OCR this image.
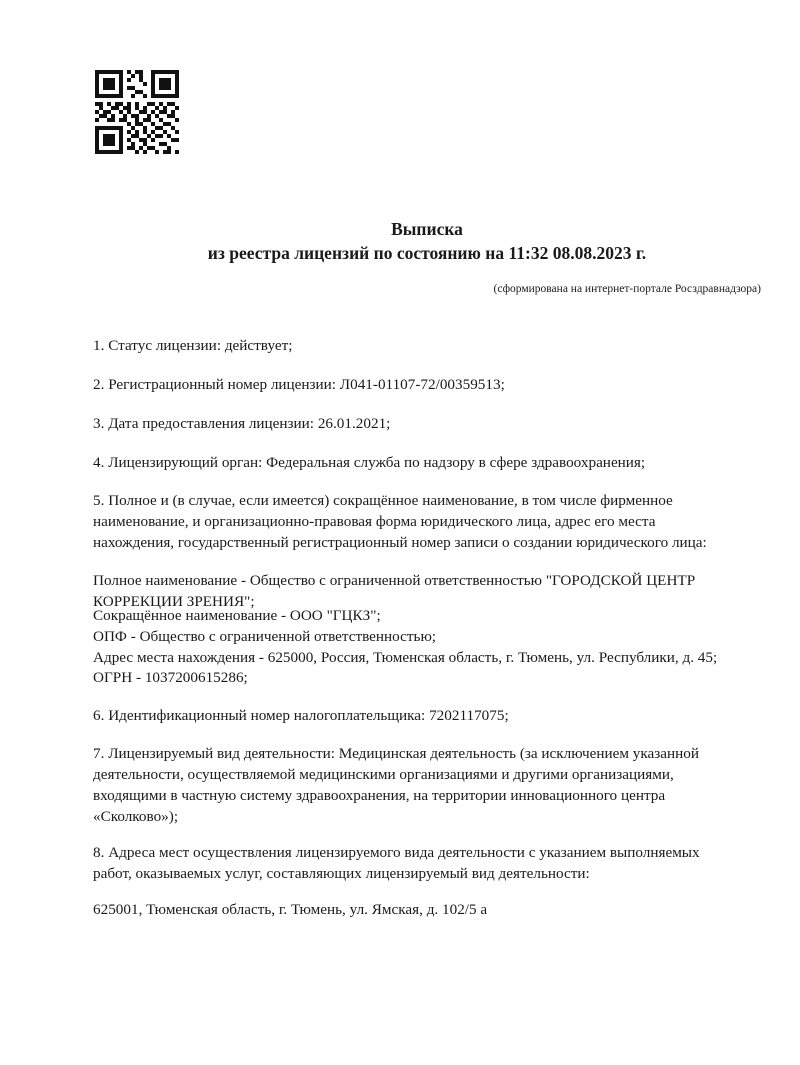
Выписка
из реестра лицензий по состоянию на 11:32 08.08.2023 г.
(сформирована на интернет-портале Росздравнадзора)
1. Статус лицензии: действует;
2. Регистрационный номер лицензии: Л041-01107-72/00359513;
3. Дата предоставления лицензии: 26.01.2021;
4. Лицензирующий орган: Федеральная служба по надзору в сфере здравоохранения;
5. Полное и (в случае, если имеется) сокращённое наименование, в том числе фирменное
наименование, и организационно-правовая форма юридического лица, адрес его места
нахождения, государственный регистрационный номер записи о создании юридического лица:
Полное наименование - Общество с ограниченной ответственностью "ГОРОДСКОЙ ЦЕНТР
КОРРЕКЦИИ ЗРЕНИЯ";
Сокращённое наименование - ООО "ГЦКЗ";
ОПФ - Общество с ограниченной ответственностью;
Адрес места нахождения - 625000, Россия, Тюменская область, г. Тюмень, ул. Республики, д. 45;
ОГРН - 1037200615286;
6. Идентификационный номер налогоплательщика: 7202117075;
7. Лицензируемый вид деятельности: Медицинская деятельность (за исключением указанной
деятельности, осуществляемой медицинскими организациями и другими организациями,
входящими в частную систему здравоохранения, на территории инновационного центра
«Сколково»);
8. Адреса мест осуществления лицензируемого вида деятельности с указанием выполняемых
работ, оказываемых услуг, составляющих лицензируемый вид деятельности:
625001, Тюменская область, г. Тюмень, ул. Ямская, д. 102/5 а
